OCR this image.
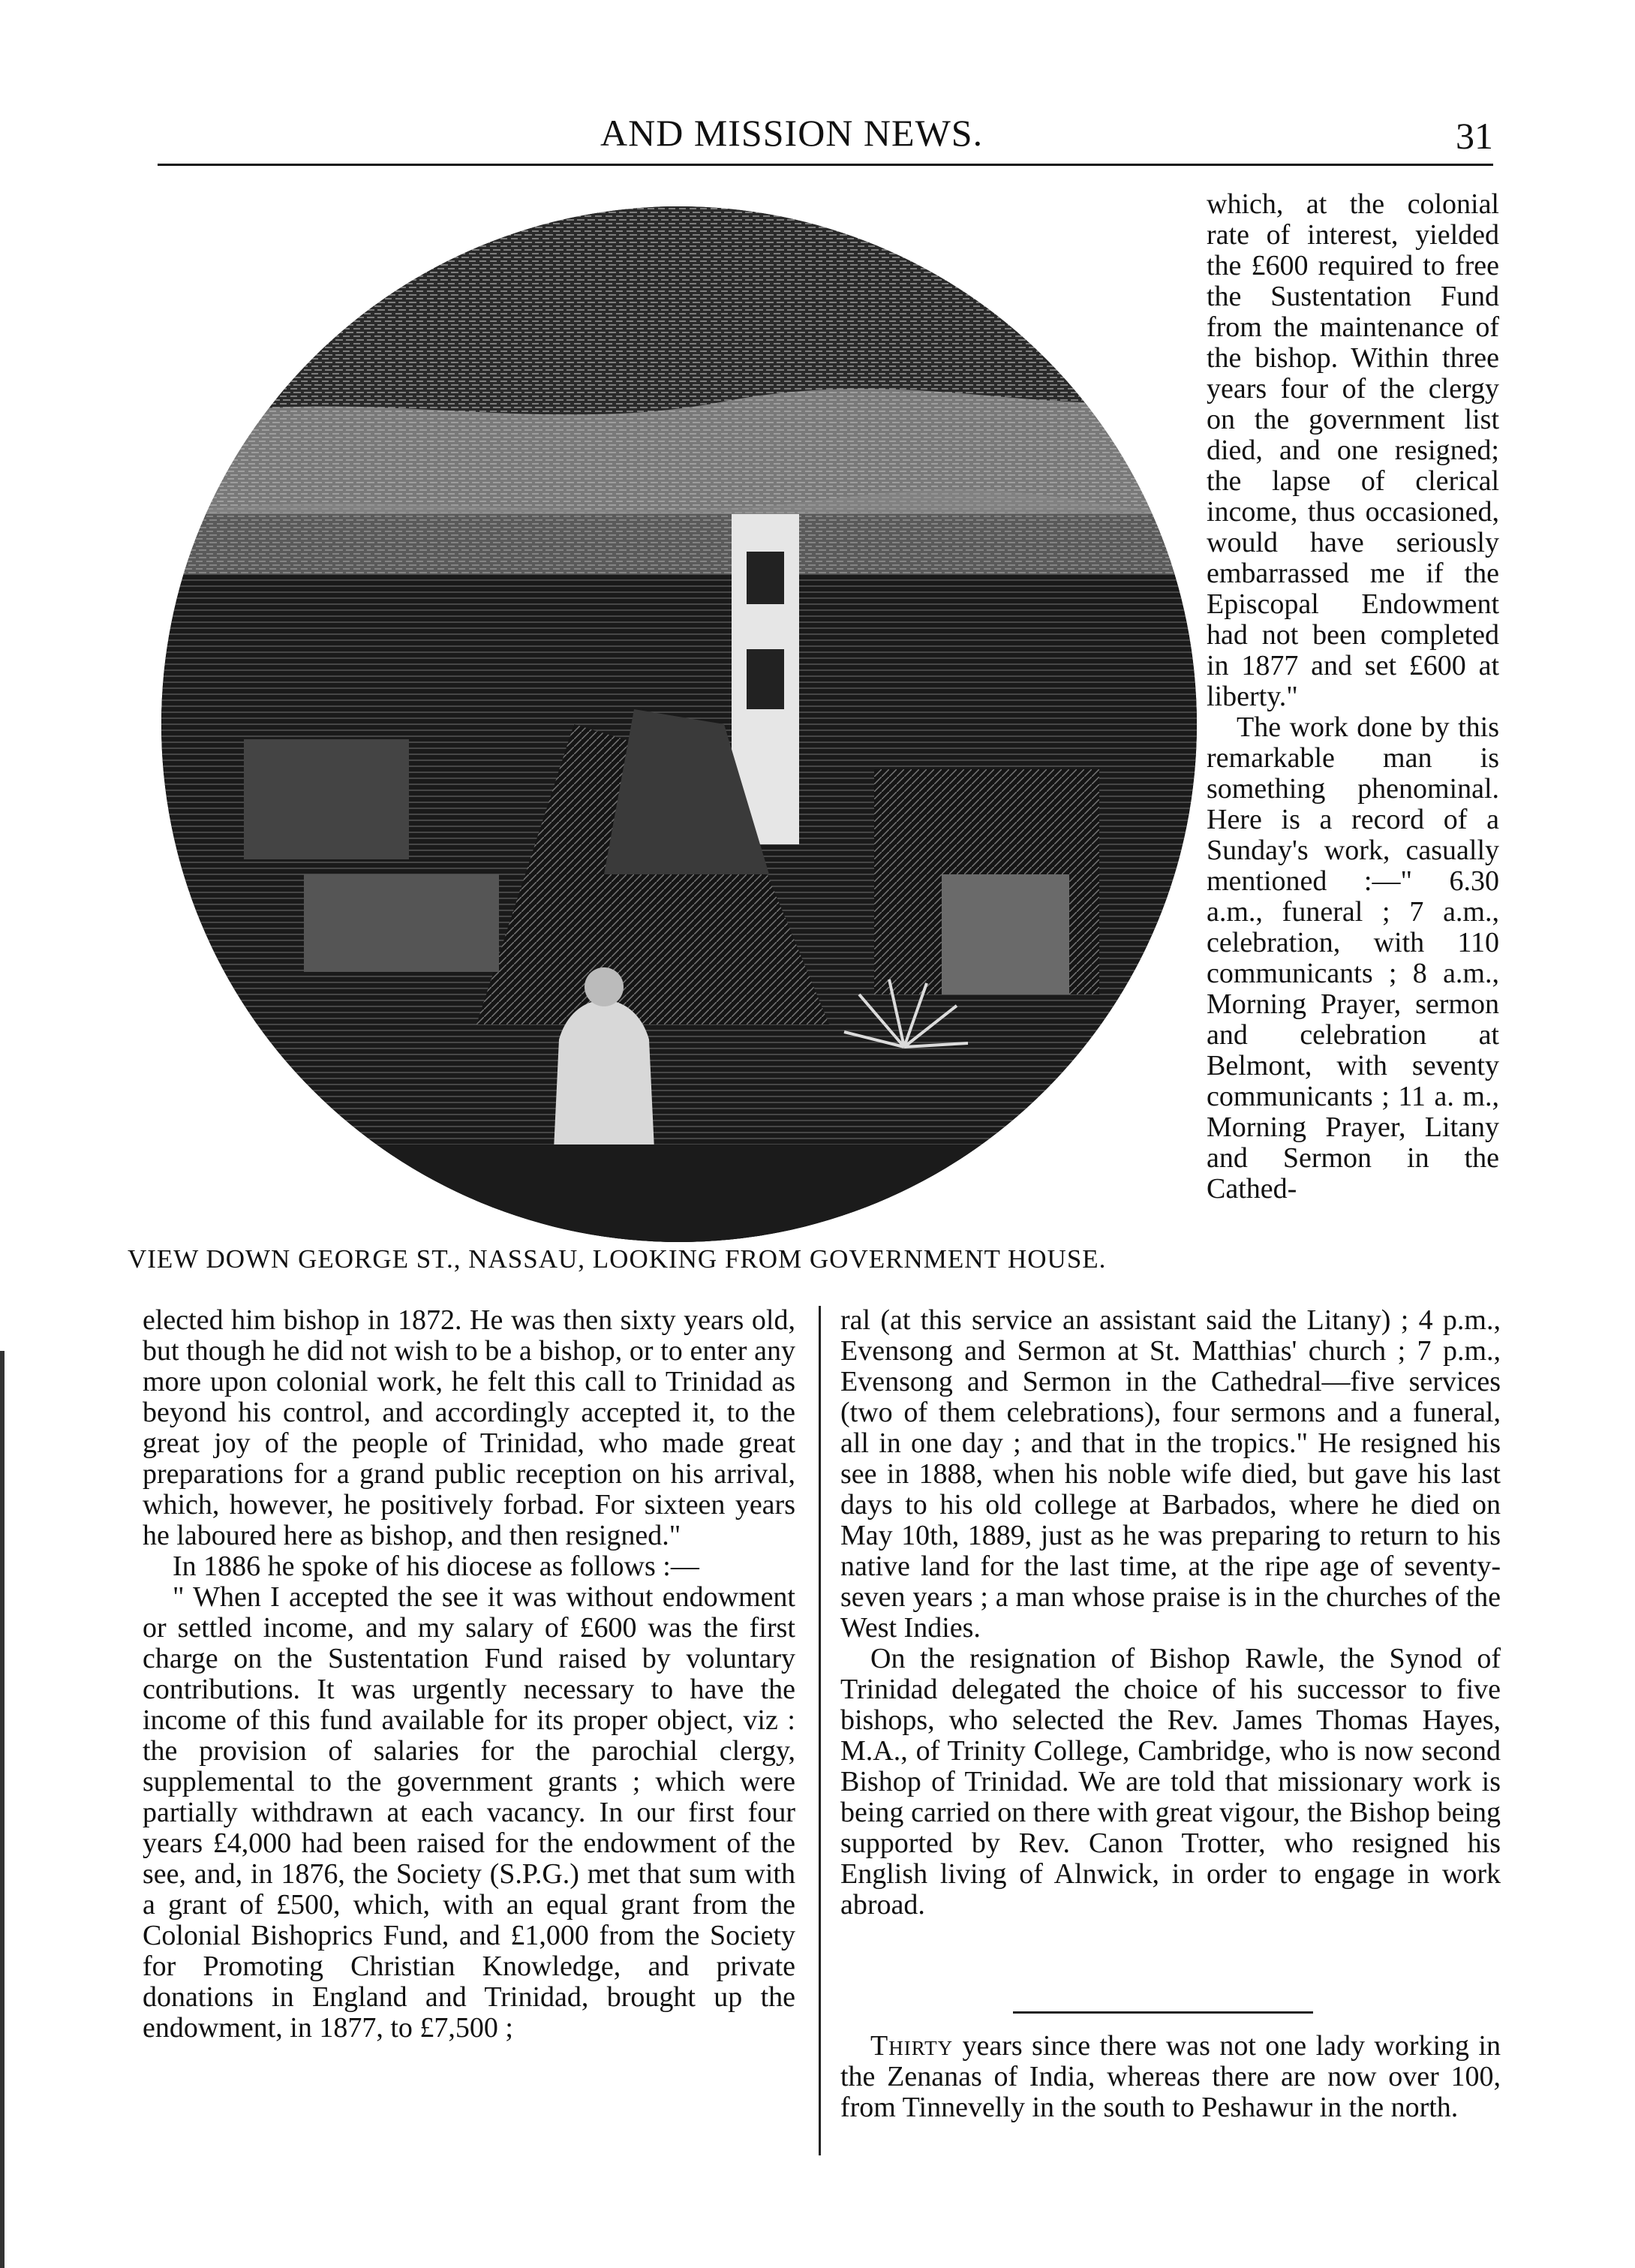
AND MISSION NEWS.	31

which, at the colonial rate of interest, yielded the £600 required to free the Sustentation Fund from the maintenance of the bishop. Within three years four of the clergy on the government list died, and one resigned; the lapse of clerical income, thus occasioned, would have seriously embarrassed me if the Episcopal Endowment had not been completed in 1877 and set £600 at liberty."

The work done by this remarkable man is something phenominal. Here is a record of a Sunday's work, casually mentioned :—" 6.30 a.m., funeral ; 7 a.m., celebration, with 110 communicants ; 8 a.m., Morning Prayer, sermon and celebration at Belmont, with seventy communicants ; 11 a. m., Morning Prayer, Litany and Sermon in the Cathed-

VIEW DOWN GEORGE ST., NASSAU, LOOKING FROM GOVERNMENT HOUSE.

elected him bishop in 1872. He was then sixty years old, but though he did not wish to be a bishop, or to enter any more upon colonial work, he felt this call to Trinidad as beyond his control, and accordingly accepted it, to the great joy of the people of Trinidad, who made great preparations for a grand public reception on his arrival, which, however, he positively forbad. For sixteen years he laboured here as bishop, and then resigned."

In 1886 he spoke of his diocese as follows :—

" When I accepted the see it was without endowment or settled income, and my salary of £600 was the first charge on the Sustentation Fund raised by voluntary contributions. It was urgently necessary to have the income of this fund available for its proper object, viz : the provision of salaries for the parochial clergy, supplemental to the government grants ; which were partially withdrawn at each vacancy. In our first four years £4,000 had been raised for the endowment of the see, and, in 1876, the Society (S.P.G.) met that sum with a grant of £500, which, with an equal grant from the Colonial Bishoprics Fund, and £1,000 from the Society for Promoting Christian Knowledge, and private donations in England and Trinidad, brought up the endowment, in 1877, to £7,500 ;

ral (at this service an assistant said the Litany) ; 4 p.m., Evensong and Sermon at St. Matthias' church ; 7 p.m., Evensong and Sermon in the Cathedral—five services (two of them celebrations), four sermons and a funeral, all in one day ; and that in the tropics." He resigned his see in 1888, when his noble wife died, but gave his last days to his old college at Barbados, where he died on May 10th, 1889, just as he was preparing to return to his native land for the last time, at the ripe age of seventy-seven years ; a man whose praise is in the churches of the West Indies.

On the resignation of Bishop Rawle, the Synod of Trinidad delegated the choice of his successor to five bishops, who selected the Rev. James Thomas Hayes, M.A., of Trinity College, Cambridge, who is now second Bishop of Trinidad. We are told that missionary work is being carried on there with great vigour, the Bishop being supported by Rev. Canon Trotter, who resigned his English living of Alnwick, in order to engage in work abroad.

Thirty years since there was not one lady working in the Zenanas of India, whereas there are now over 100, from Tinnevelly in the south to Peshawur in the north.
